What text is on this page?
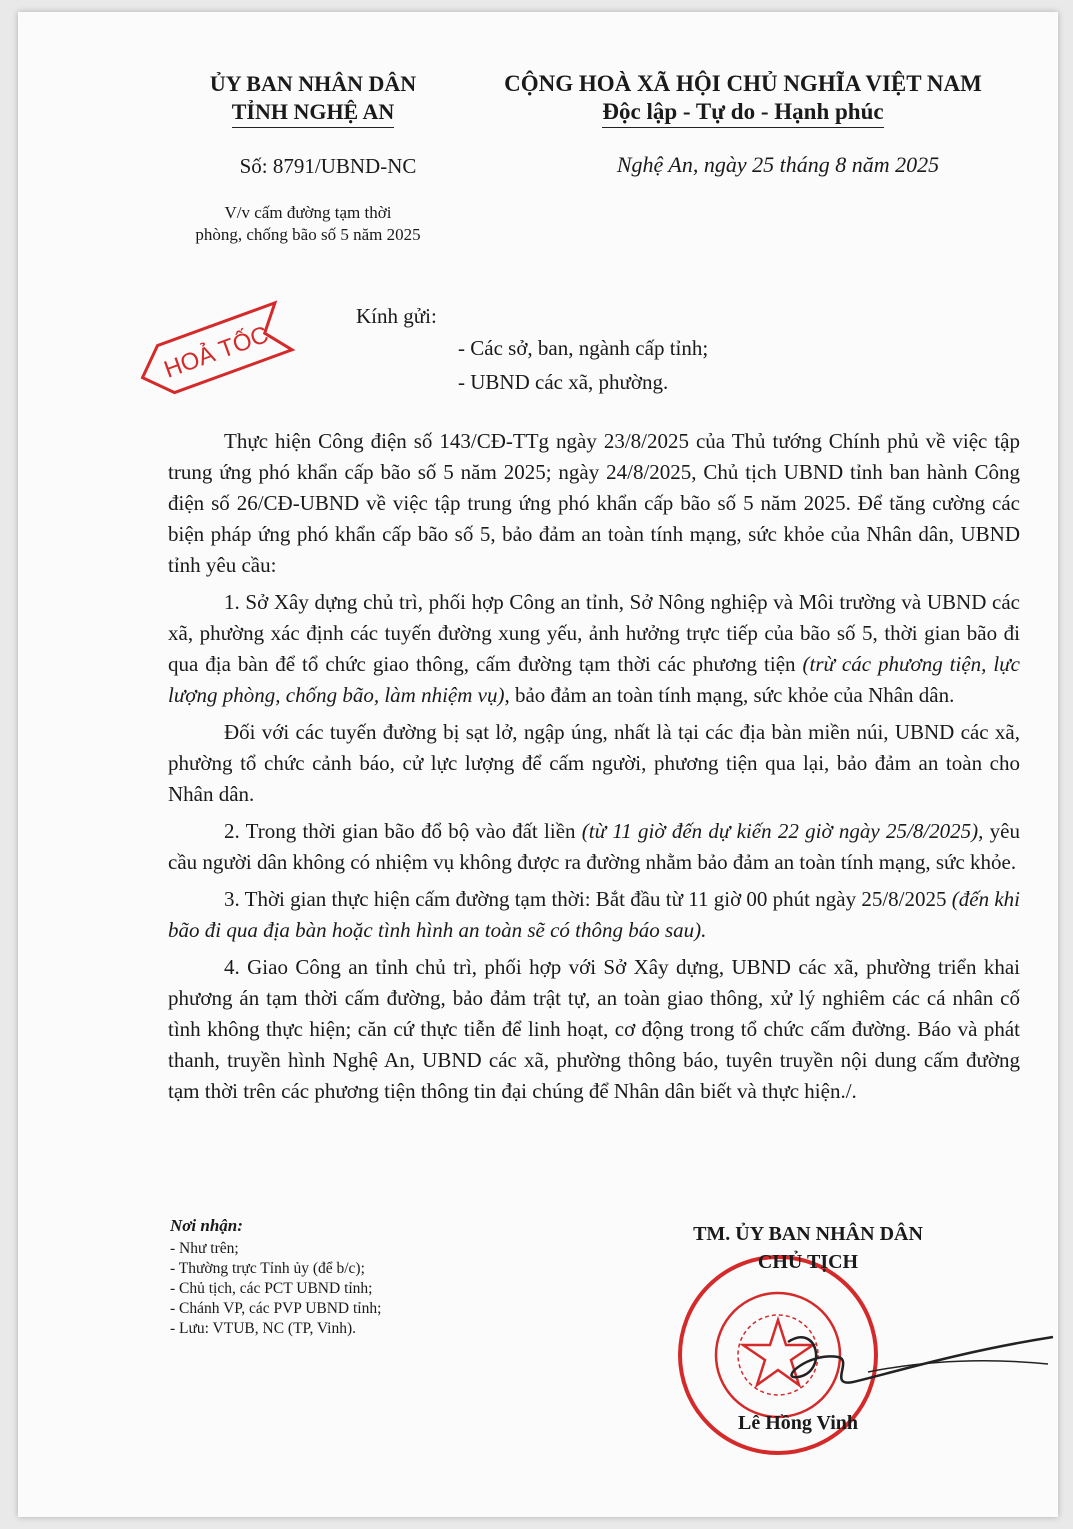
ỦY BAN NHÂN DÂN
TỈNH NGHỆ AN
CỘNG HOÀ XÃ HỘI CHỦ NGHĨA VIỆT NAM
Độc lập - Tự do - Hạnh phúc
Số: 8791/UBND-NC
V/v cấm đường tạm thời
phòng, chống bão số 5 năm 2025
Nghệ An, ngày 25 tháng 8 năm 2025
HOẢ TỐC
Kính gửi:
- Các sở, ban, ngành cấp tỉnh;
- UBND các xã, phường.

Thực hiện Công điện số 143/CĐ-TTg ngày 23/8/2025 của Thủ tướng Chính phủ về việc tập trung ứng phó khẩn cấp bão số 5 năm 2025; ngày 24/8/2025, Chủ tịch UBND tỉnh ban hành Công điện số 26/CĐ-UBND về việc tập trung ứng phó khẩn cấp bão số 5 năm 2025. Để tăng cường các biện pháp ứng phó khẩn cấp bão số 5, bảo đảm an toàn tính mạng, sức khỏe của Nhân dân, UBND tỉnh yêu cầu:

1. Sở Xây dựng chủ trì, phối hợp Công an tỉnh, Sở Nông nghiệp và Môi trường và UBND các xã, phường xác định các tuyến đường xung yếu, ảnh hưởng trực tiếp của bão số 5, thời gian bão đi qua địa bàn để tổ chức giao thông, cấm đường tạm thời các phương tiện (trừ các phương tiện, lực lượng phòng, chống bão, làm nhiệm vụ), bảo đảm an toàn tính mạng, sức khỏe của Nhân dân.

Đối với các tuyến đường bị sạt lở, ngập úng, nhất là tại các địa bàn miền núi, UBND các xã, phường tổ chức cảnh báo, cử lực lượng để cấm người, phương tiện qua lại, bảo đảm an toàn cho Nhân dân.

2. Trong thời gian bão đổ bộ vào đất liền (từ 11 giờ đến dự kiến 22 giờ ngày 25/8/2025), yêu cầu người dân không có nhiệm vụ không được ra đường nhằm bảo đảm an toàn tính mạng, sức khỏe.

3. Thời gian thực hiện cấm đường tạm thời: Bắt đầu từ 11 giờ 00 phút ngày 25/8/2025 (đến khi bão đi qua địa bàn hoặc tình hình an toàn sẽ có thông báo sau).

4. Giao Công an tỉnh chủ trì, phối hợp với Sở Xây dựng, UBND các xã, phường triển khai phương án tạm thời cấm đường, bảo đảm trật tự, an toàn giao thông, xử lý nghiêm các cá nhân cố tình không thực hiện; căn cứ thực tiễn để linh hoạt, cơ động trong tổ chức cấm đường. Báo và phát thanh, truyền hình Nghệ An, UBND các xã, phường thông báo, tuyên truyền nội dung cấm đường tạm thời trên các phương tiện thông tin đại chúng để Nhân dân biết và thực hiện./.

Nơi nhận:
- Như trên;
- Thường trực Tỉnh ủy (để b/c);
- Chủ tịch, các PCT UBND tỉnh;
- Chánh VP, các PVP UBND tỉnh;
- Lưu: VTUB, NC (TP, Vinh).
TM. ỦY BAN NHÂN DÂN
CHỦ TỊCH
Lê Hồng Vinh
